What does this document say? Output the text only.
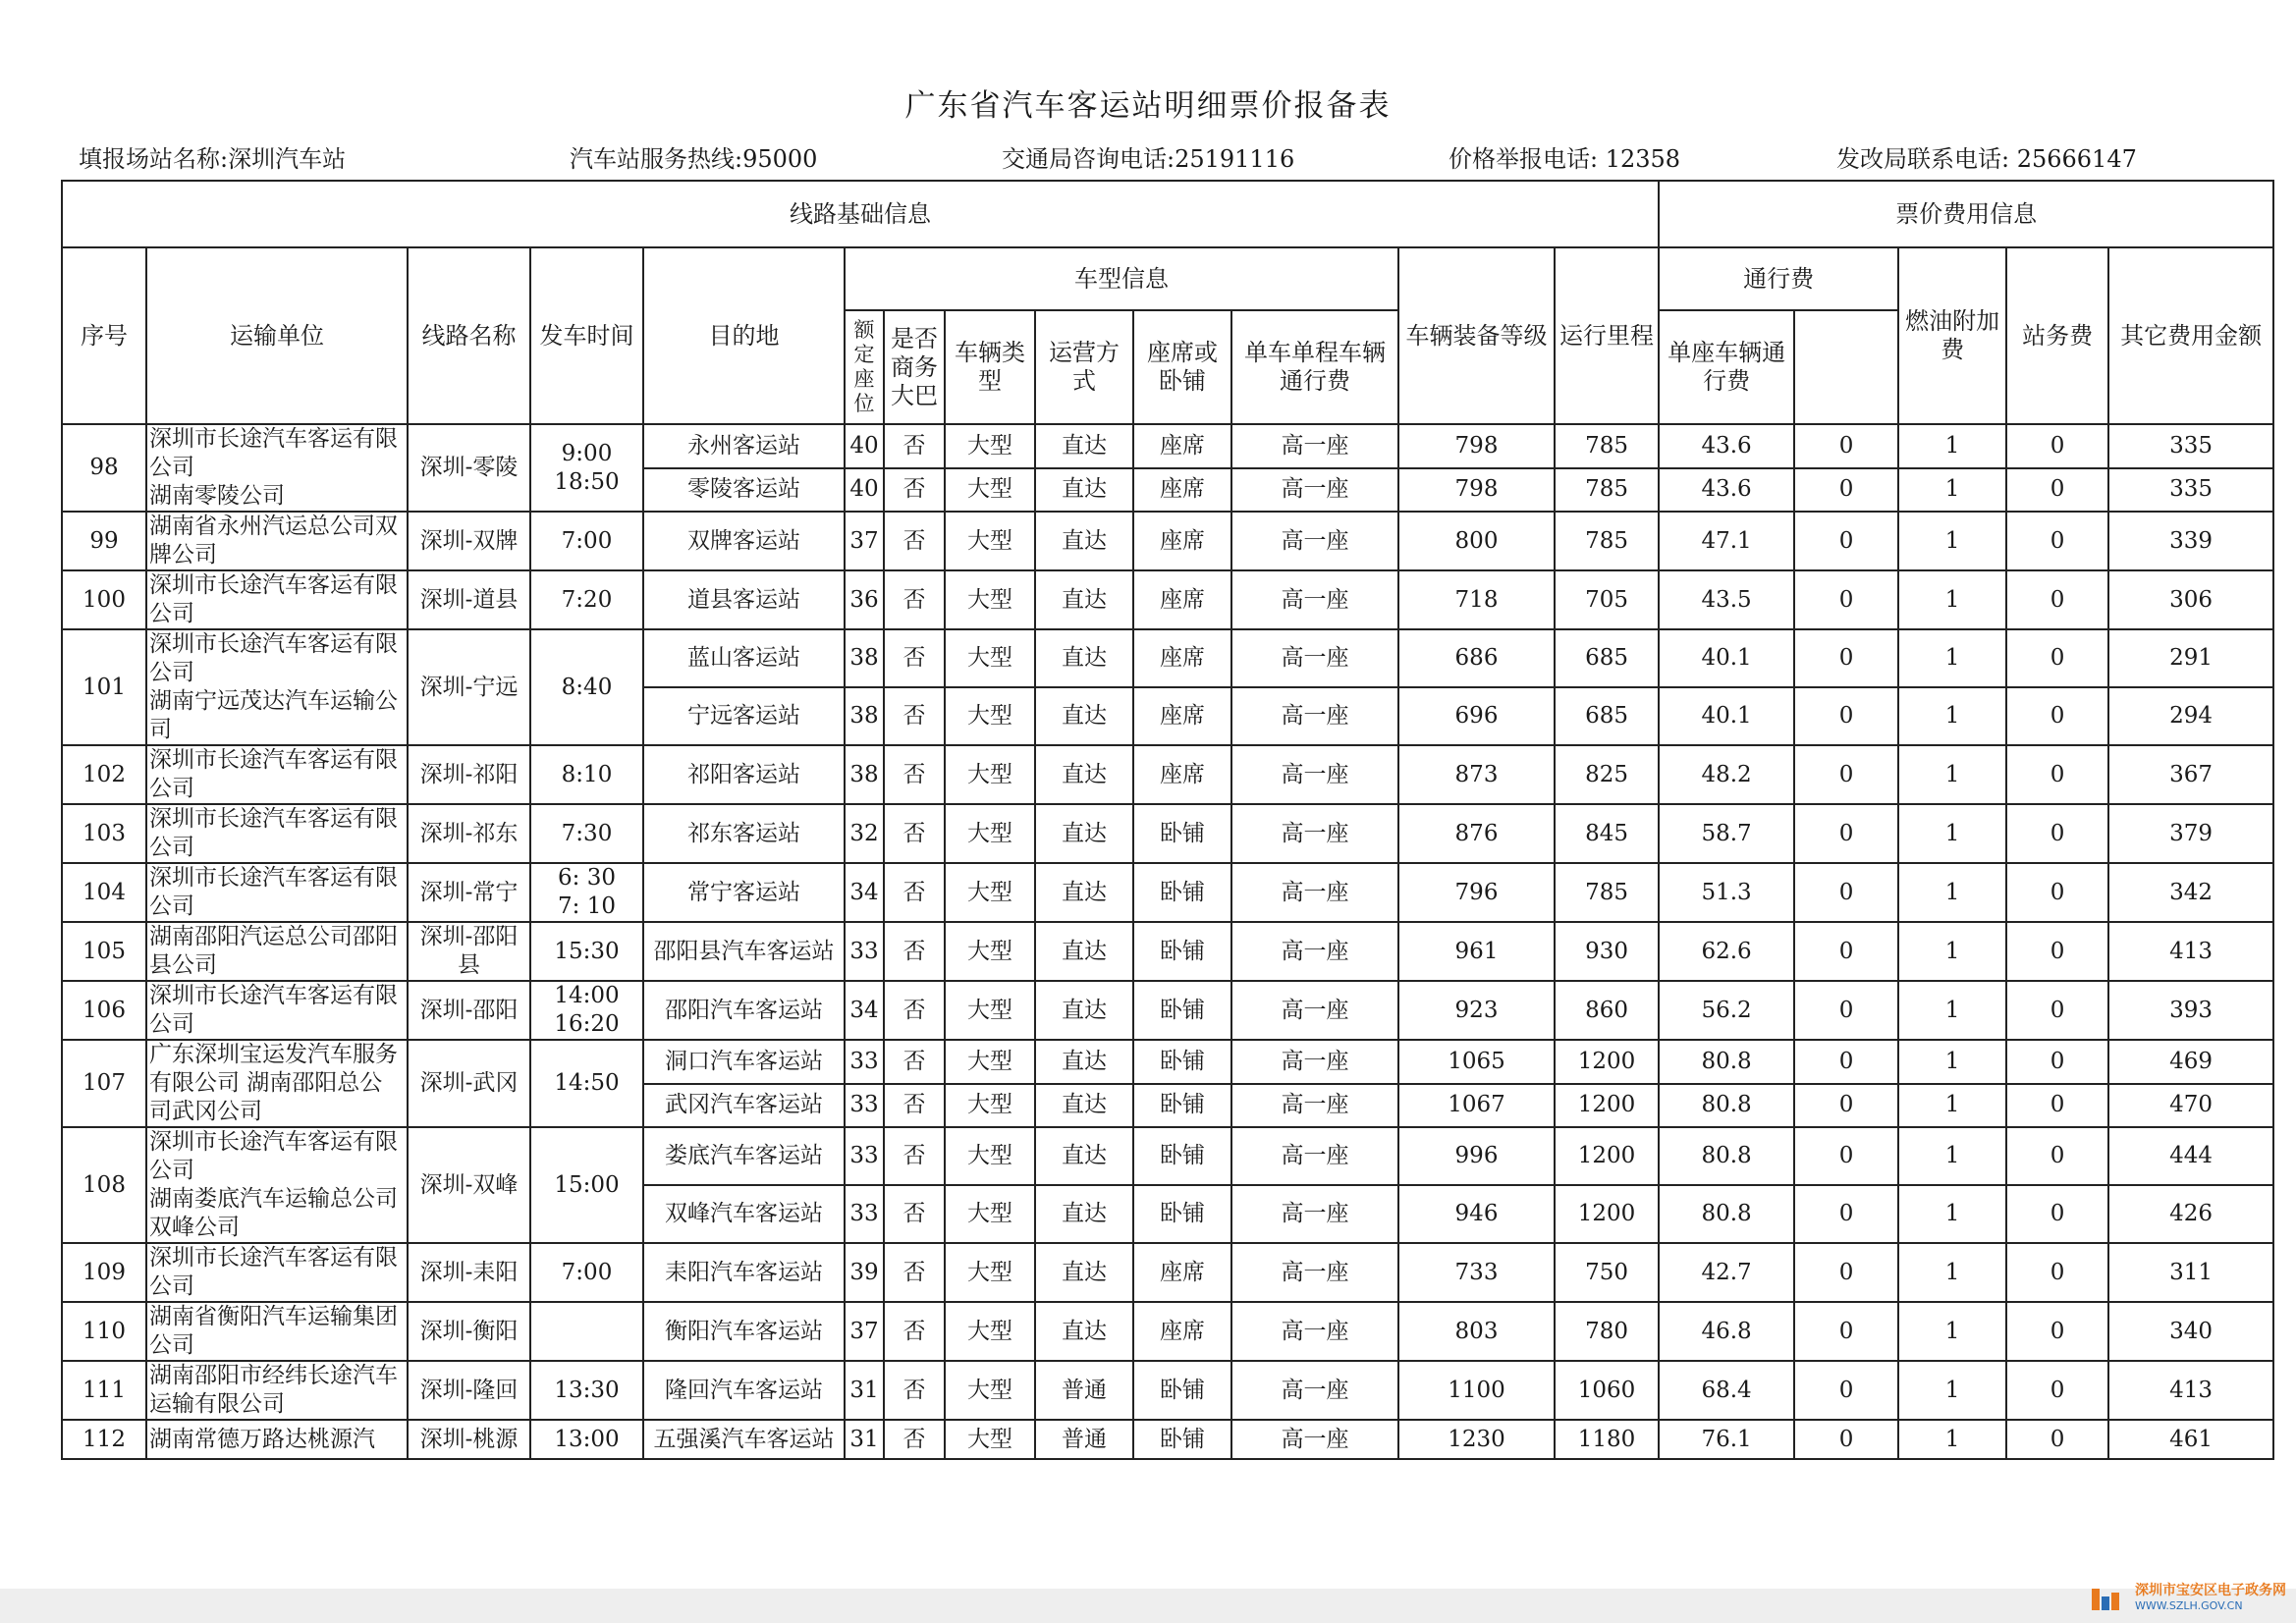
广东省汽车客运站明细票价报备表
填报场站名称:深圳汽车站	汽车站服务热线:95000	交通局咨询电话:25191116	价格举报电话: 12358	发改局联系电话: 25666147
线路基础信息													票价费用信息					
序号	运输单位	线路名称	发车时间	目的地	车型信息						车辆装备等级	运行里程	通行费		燃油附加费	站务费	其它费用金额	
					额定座位	是否商务大巴	车辆类型	运营方式	座席或卧铺	单车单程车辆通行费			单座车辆通行费					

98	深圳市长途汽车客运有限公司
湖南零陵公司	深圳-零陵	9:00
18:50	永州客运站	40	否	大型	直达	座席	高一座	798	785	43.6	0	1	0	335	
				零陵客运站	40	否	大型	直达	座席	高一座	798	785	43.6	0	1	0	335	
99	湖南省永州汽运总公司双牌公司	深圳-双牌	7:00	双牌客运站	37	否	大型	直达	座席	高一座	800	785	47.1	0	1	0	339	
100	深圳市长途汽车客运有限公司	深圳-道县	7:20	道县客运站	36	否	大型	直达	座席	高一座	718	705	43.5	0	1	0	306	
101	深圳市长途汽车客运有限公司
湖南宁远茂达汽车运输公司	深圳-宁远	8:40	蓝山客运站	38	否	大型	直达	座席	高一座	686	685	40.1	0	1	0	291	
				宁远客运站	38	否	大型	直达	座席	高一座	696	685	40.1	0	1	0	294	
102	深圳市长途汽车客运有限公司	深圳-祁阳	8:10	祁阳客运站	38	否	大型	直达	座席	高一座	873	825	48.2	0	1	0	367	
103	深圳市长途汽车客运有限公司	深圳-祁东	7:30	祁东客运站	32	否	大型	直达	卧铺	高一座	876	845	58.7	0	1	0	379	
104	深圳市长途汽车客运有限公司	深圳-常宁	6: 30
7: 10	常宁客运站	34	否	大型	直达	卧铺	高一座	796	785	51.3	0	1	0	342	
105	湖南邵阳汽运总公司邵阳县公司	深圳-邵阳县	15:30	邵阳县汽车客运站	33	否	大型	直达	卧铺	高一座	961	930	62.6	0	1	0	413	
106	深圳市长途汽车客运有限公司	深圳-邵阳	14:00
16:20	邵阳汽车客运站	34	否	大型	直达	卧铺	高一座	923	860	56.2	0	1	0	393	
107	广东深圳宝运发汽车服务有限公司 湖南邵阳总公司武冈公司	深圳-武冈	14:50	洞口汽车客运站	33	否	大型	直达	卧铺	高一座	1065	1200	80.8	0	1	0	469	
				武冈汽车客运站	33	否	大型	直达	卧铺	高一座	1067	1200	80.8	0	1	0	470	
108	深圳市长途汽车客运有限公司
湖南娄底汽车运输总公司双峰公司	深圳-双峰	15:00	娄底汽车客运站	33	否	大型	直达	卧铺	高一座	996	1200	80.8	0	1	0	444	
				双峰汽车客运站	33	否	大型	直达	卧铺	高一座	946	1200	80.8	0	1	0	426	
109	深圳市长途汽车客运有限公司	深圳-耒阳	7:00	耒阳汽车客运站	39	否	大型	直达	座席	高一座	733	750	42.7	0	1	0	311	
110	湖南省衡阳汽车运输集团公司	深圳-衡阳		衡阳汽车客运站	37	否	大型	直达	座席	高一座	803	780	46.8	0	1	0	340	
111	湖南邵阳市经纬长途汽车运输有限公司	深圳-隆回	13:30	隆回汽车客运站	31	否	大型	普通	卧铺	高一座	1100	1060	68.4	0	1	0	413	
112	湖南常德万路达桃源汽	深圳-桃源	13:00	五强溪汽车客运站	31	否	大型	普通	卧铺	高一座	1230	1180	76.1	0	1	0	461	
深圳市宝安区电子政务网
WWW.SZLH.GOV.CN
